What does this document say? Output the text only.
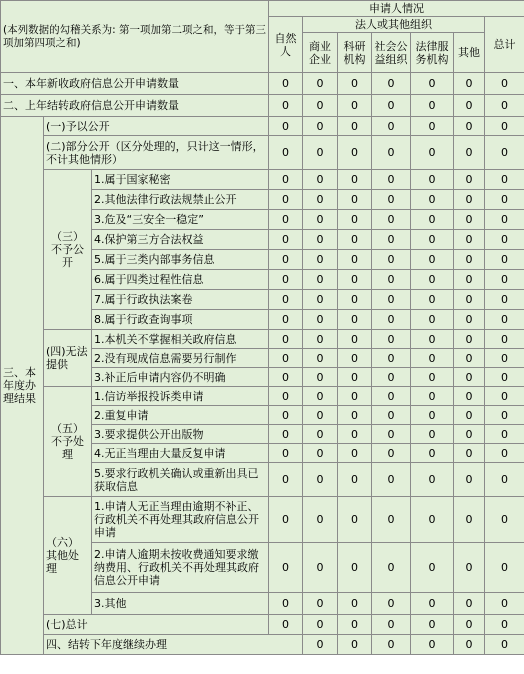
(本列数据的勾稽关系为: 第一项加第二项之和，等于第三项加第四项之和)			申请人情况							
			自然人	法人或其他组织					总计	
				商业企业	科研机构	社会公益组织	法律服务机构	其他		
一、本年新收政府信息公开申请数量			0	0	0	0	0	0	0	
二、上年结转政府信息公开申请数量			0	0	0	0	0	0	0	
三、本年度办理结果	(一)予以公开		0	0	0	0	0	0	0	
	(二)部分公开（区分处理的，只计这一情形，不计其他情形）		0	0	0	0	0	0	0	
	（三）不予公开	1.属于国家秘密	0	0	0	0	0	0	0	
		2.其他法律行政法规禁止公开	0	0	0	0	0	0	0	
		3.危及“三安全一稳定”	0	0	0	0	0	0	0	
		4.保护第三方合法权益	0	0	0	0	0	0	0	
		5.属于三类内部事务信息	0	0	0	0	0	0	0	
		6.属于四类过程性信息	0	0	0	0	0	0	0	
		7.属于行政执法案卷	0	0	0	0	0	0	0	
		8.属于行政查询事项	0	0	0	0	0	0	0	
	(四)无法提供	1.本机关不掌握相关政府信息	0	0	0	0	0	0	0	
		2.没有现成信息需要另行制作	0	0	0	0	0	0	0	
		3.补正后申请内容仍不明确	0	0	0	0	0	0	0	
	（五）不予处理	1.信访举报投诉类申请	0	0	0	0	0	0	0	
		2.重复申请	0	0	0	0	0	0	0	
		3.要求提供公开出版物	0	0	0	0	0	0	0	
		4.无正当理由大量反复申请	0	0	0	0	0	0	0	
		5.要求行政机关确认或重新出具已 获取信息	0	0	0	0	0	0	0	
	（六）其他处理	1.申请人无正当理由逾期不补正、行政机关不再处理其政府信息公开 申请	0	0	0	0	0	0	0	
		2.申请人逾期未按收费通知要求缴 纳费用、行政机关不再处理其政府 信息公开申请	0	0	0	0	0	0	0	
		3.其他	0	0	0	0	0	0	0	
	(七)总计		0	0	0	0	0	0	0	
	四、结转下年度继续办理			0	0	0	0	0	0	
